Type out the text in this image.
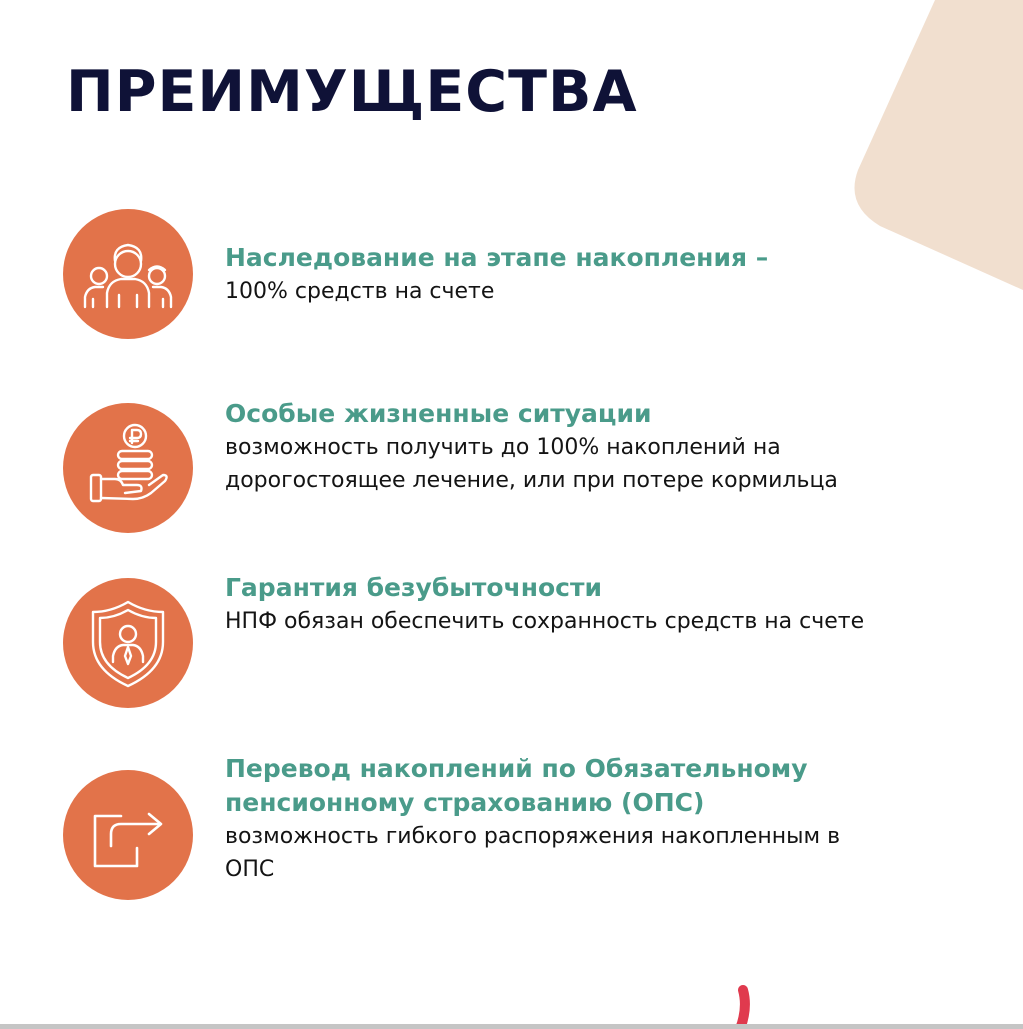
ПРЕИМУЩЕСТВА
Наследование на этапе накопления –
100% средств на счете
Особые жизненные ситуации
возможность получить до 100% накоплений на дорогостоящее лечение, или при потере кормильца
Гарантия безубыточности
НПФ обязан обеспечить сохранность средств на счете
Перевод накоплений по Обязательному пенсионному страхованию (ОПС)
возможность гибкого распоряжения накопленным в ОПС
